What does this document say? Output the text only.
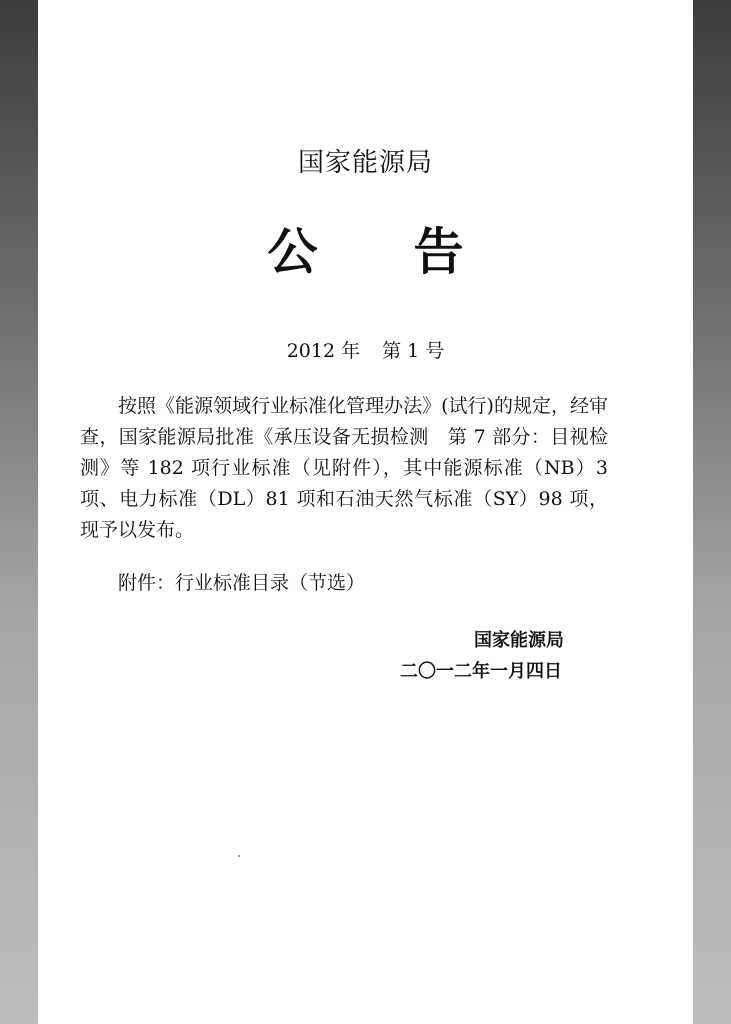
国家能源局
公 告
2012 年 第 1 号

按照《能源领域行业标准化管理办法》(试行)的规定，经审查，国家能源局批准《承压设备无损检测　第 7 部分：目视检测》等 182 项行业标准（见附件），其中能源标准（NB）3 项、电力标准（DL）81 项和石油天然气标准（SY）98 项，现予以发布。

附件：行业标准目录（节选）
国家能源局
二〇一二年一月四日
